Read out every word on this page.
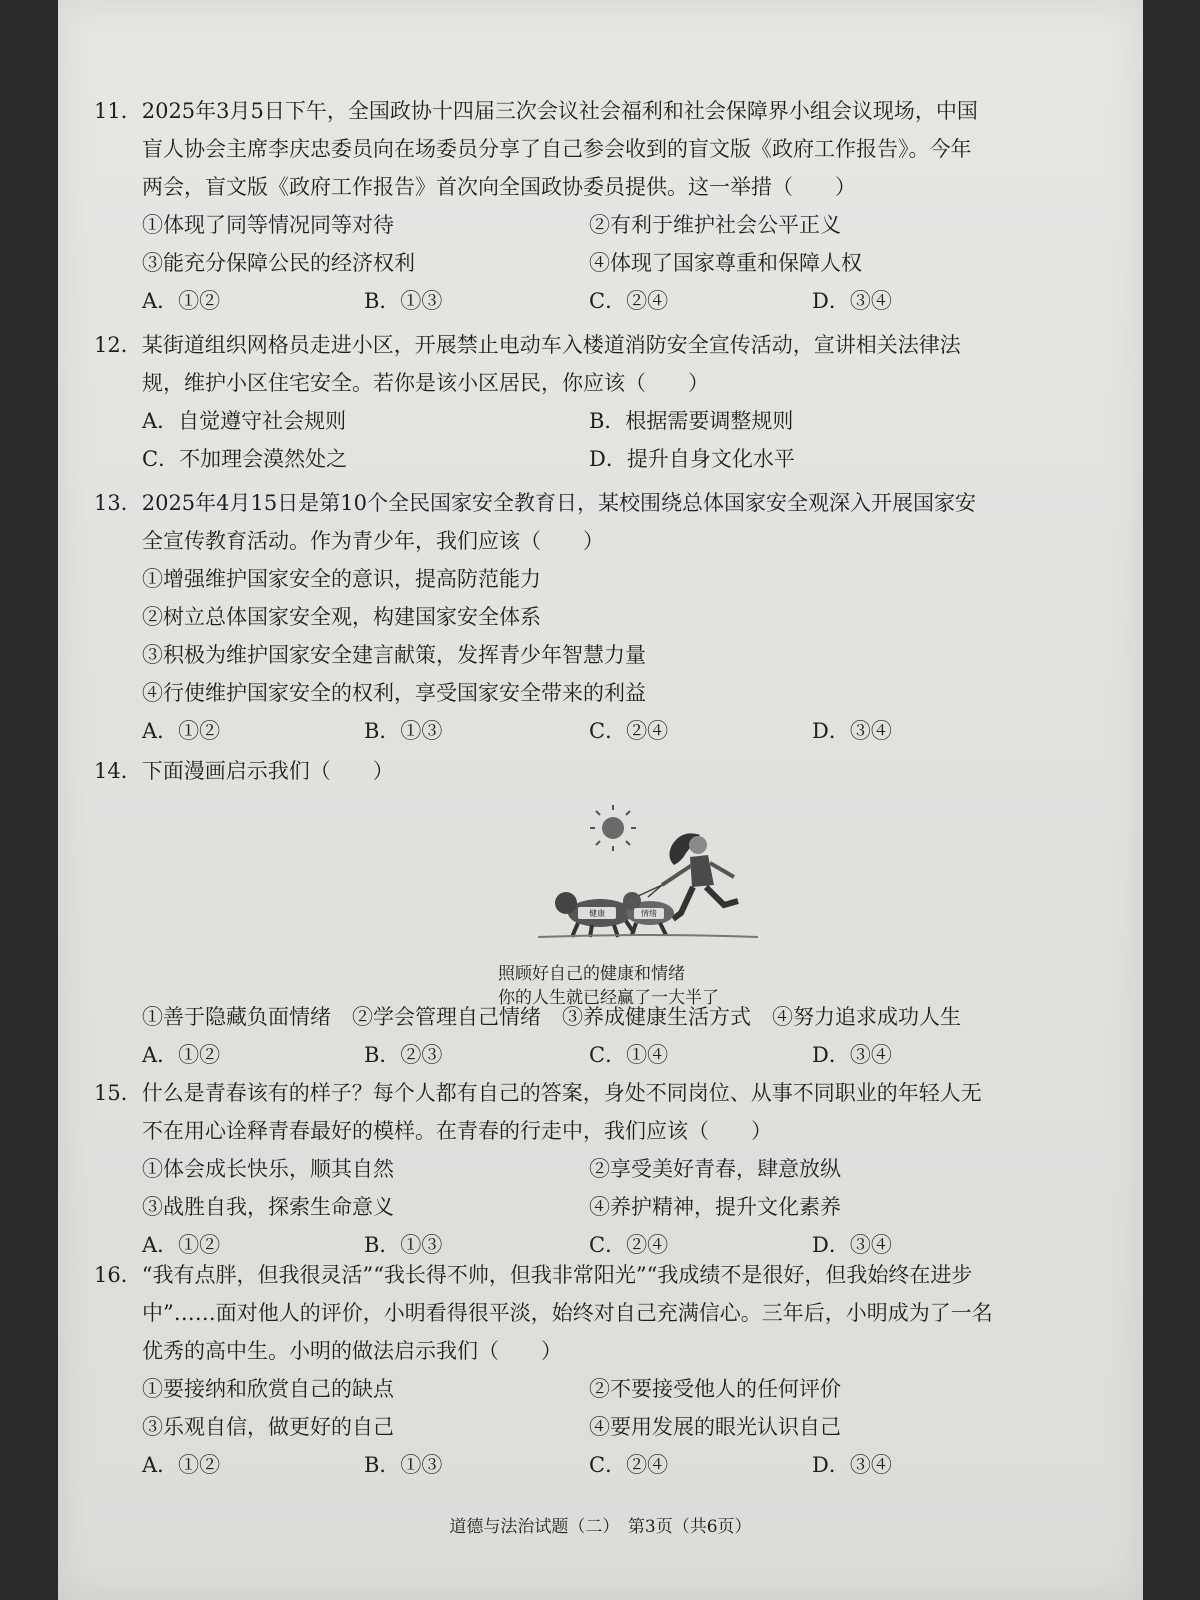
11．2025年3月5日下午，全国政协十四届三次会议社会福利和社会保障界小组会议现场，中国
盲人协会主席李庆忠委员向在场委员分享了自己参会收到的盲文版《政府工作报告》。今年
两会，盲文版《政府工作报告》首次向全国政协委员提供。这一举措（　　）
①体现了同等情况同等对待	②有利于维护社会公平正义
③能充分保障公民的经济权利	④体现了国家尊重和保障人权
A．①②	B．①③	C．②④	D．③④
12．某街道组织网格员走进小区，开展禁止电动车入楼道消防安全宣传活动，宣讲相关法律法
规，维护小区住宅安全。若你是该小区居民，你应该（　　）
A．自觉遵守社会规则	B．根据需要调整规则
C．不加理会漠然处之	D．提升自身文化水平
13．2025年4月15日是第10个全民国家安全教育日，某校围绕总体国家安全观深入开展国家安
全宣传教育活动。作为青少年，我们应该（　　）
①增强维护国家安全的意识，提高防范能力
②树立总体国家安全观，构建国家安全体系
③积极为维护国家安全建言献策，发挥青少年智慧力量
④行使维护国家安全的权利，享受国家安全带来的利益
A．①②	B．①③	C．②④	D．③④
14．下面漫画启示我们（　　）
健康	情绪
照顾好自己的健康和情绪
你的人生就已经赢了一大半了
①善于隐藏负面情绪　②学会管理自己情绪　③养成健康生活方式　④努力追求成功人生
A．①②	B．②③	C．①④	D．③④
15．什么是青春该有的样子？每个人都有自己的答案，身处不同岗位、从事不同职业的年轻人无
不在用心诠释青春最好的模样。在青春的行走中，我们应该（　　）
①体会成长快乐，顺其自然	②享受美好青春，肆意放纵
③战胜自我，探索生命意义	④养护精神，提升文化素养
A．①②	B．①③	C．②④	D．③④
16．“我有点胖，但我很灵活”“我长得不帅，但我非常阳光”“我成绩不是很好，但我始终在进步
中”……面对他人的评价，小明看得很平淡，始终对自己充满信心。三年后，小明成为了一名
优秀的高中生。小明的做法启示我们（　　）
①要接纳和欣赏自己的缺点	②不要接受他人的任何评价
③乐观自信，做更好的自己	④要用发展的眼光认识自己
A．①②	B．①③	C．②④	D．③④
道德与法治试题（二）　第3页（共6页）
